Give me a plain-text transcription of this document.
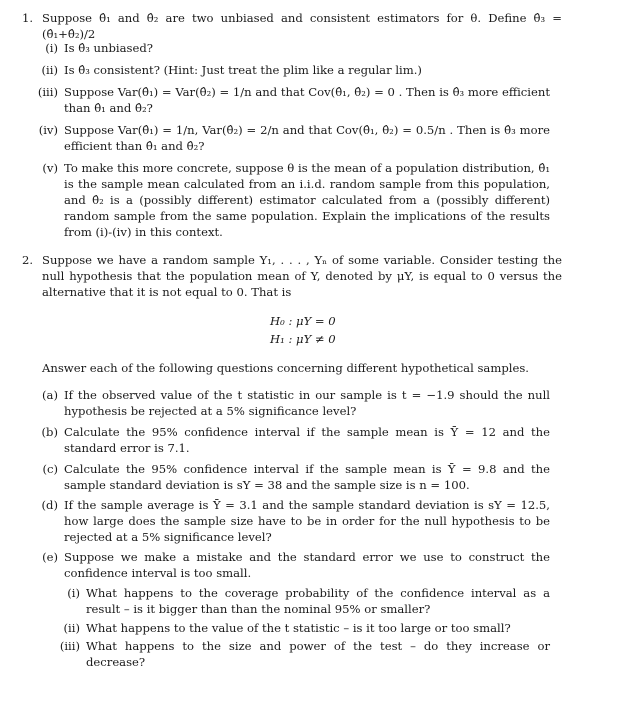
1. Suppose θ̂₁ and θ̂₂ are two unbiased and consistent estimators for θ. Define θ̂₃ = (θ̂₁+θ̂₂)/2
(i) Is θ̂₃ unbiased?
(ii) Is θ̂₃ consistent? (Hint: Just treat the plim like a regular lim.)
(iii) Suppose Var(θ̂₁) = Var(θ̂₂) = 1/n and that Cov(θ̂₁, θ̂₂) = 0 . Then is θ̂₃ more efficient than θ̂₁ and θ̂₂?
(iv) Suppose Var(θ̂₁) = 1/n, Var(θ̂₂) = 2/n and that Cov(θ̂₁, θ̂₂) = 0.5/n . Then is θ̂₃ more efficient than θ̂₁ and θ̂₂?
(v) To make this more concrete, suppose θ is the mean of a population distribution, θ̂₁ is the sample mean calculated from an i.i.d. random sample from this population, and θ̂₂ is a (possibly different) estimator calculated from a (possibly different) random sample from the same population. Explain the implications of the results from (i)-(iv) in this context.
2. Suppose we have a random sample Y₁, . . . , Yₙ of some variable. Consider testing the null hypothesis that the population mean of Y, denoted by μY, is equal to 0 versus the alternative that it is not equal to 0. That is
H₀ : μY = 0
H₁ : μY ≠ 0
Answer each of the following questions concerning different hypothetical samples.
(a) If the observed value of the t statistic in our sample is t = −1.9 should the null hypothesis be rejected at a 5% significance level?
(b) Calculate the 95% confidence interval if the sample mean is Ȳ = 12 and the standard error is 7.1.
(c) Calculate the 95% confidence interval if the sample mean is Ȳ = 9.8 and the sample standard deviation is sY = 38 and the sample size is n = 100.
(d) If the sample average is Ȳ = 3.1 and the sample standard deviation is sY = 12.5, how large does the sample size have to be in order for the null hypothesis to be rejected at a 5% significance level?
(e) Suppose we make a mistake and the standard error we use to construct the confidence interval is too small.
(i) What happens to the coverage probability of the confidence interval as a result – is it bigger than than the nominal 95% or smaller?
(ii) What happens to the value of the t statistic – is it too large or too small?
(iii) What happens to the size and power of the test – do they increase or decrease?
